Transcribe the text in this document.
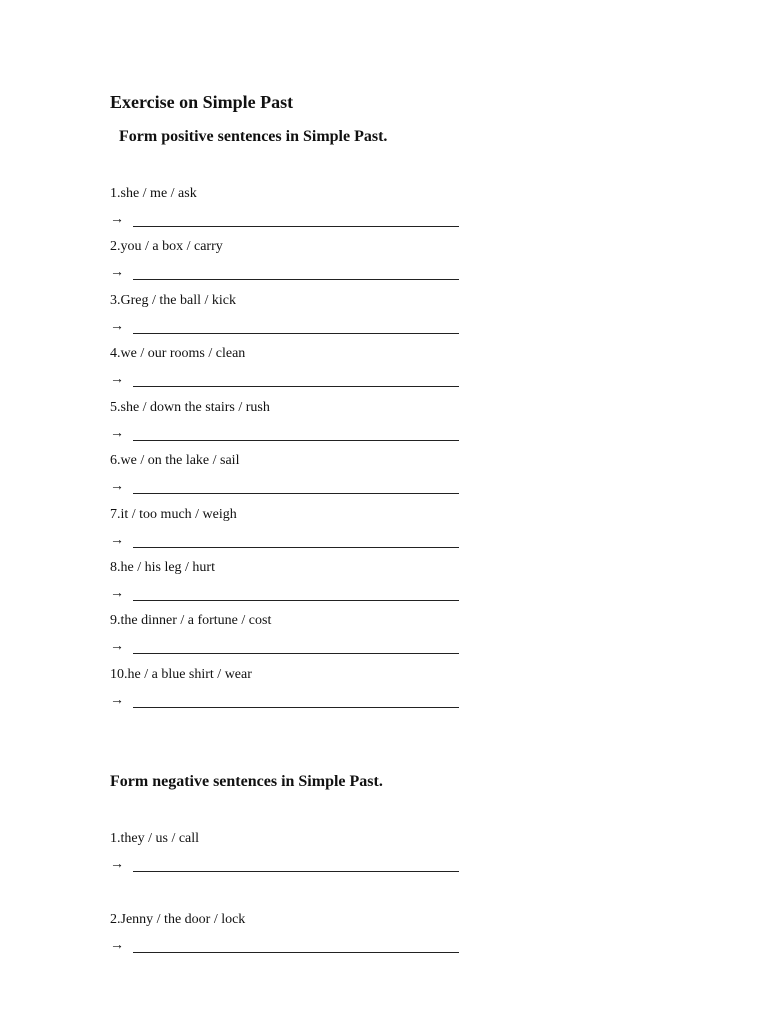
Exercise on Simple Past
Form positive sentences in Simple Past.
1.she / me / ask
→
2.you / a box / carry
→
3.Greg / the ball / kick
→
4.we / our rooms / clean
→
5.she / down the stairs / rush
→
6.we / on the lake / sail
→
7.it / too much / weigh
→
8.he / his leg / hurt
→
9.the dinner / a fortune / cost
→
10.he / a blue shirt / wear
→
Form negative sentences in Simple Past.
1.they / us / call
→
2.Jenny / the door / lock
→
